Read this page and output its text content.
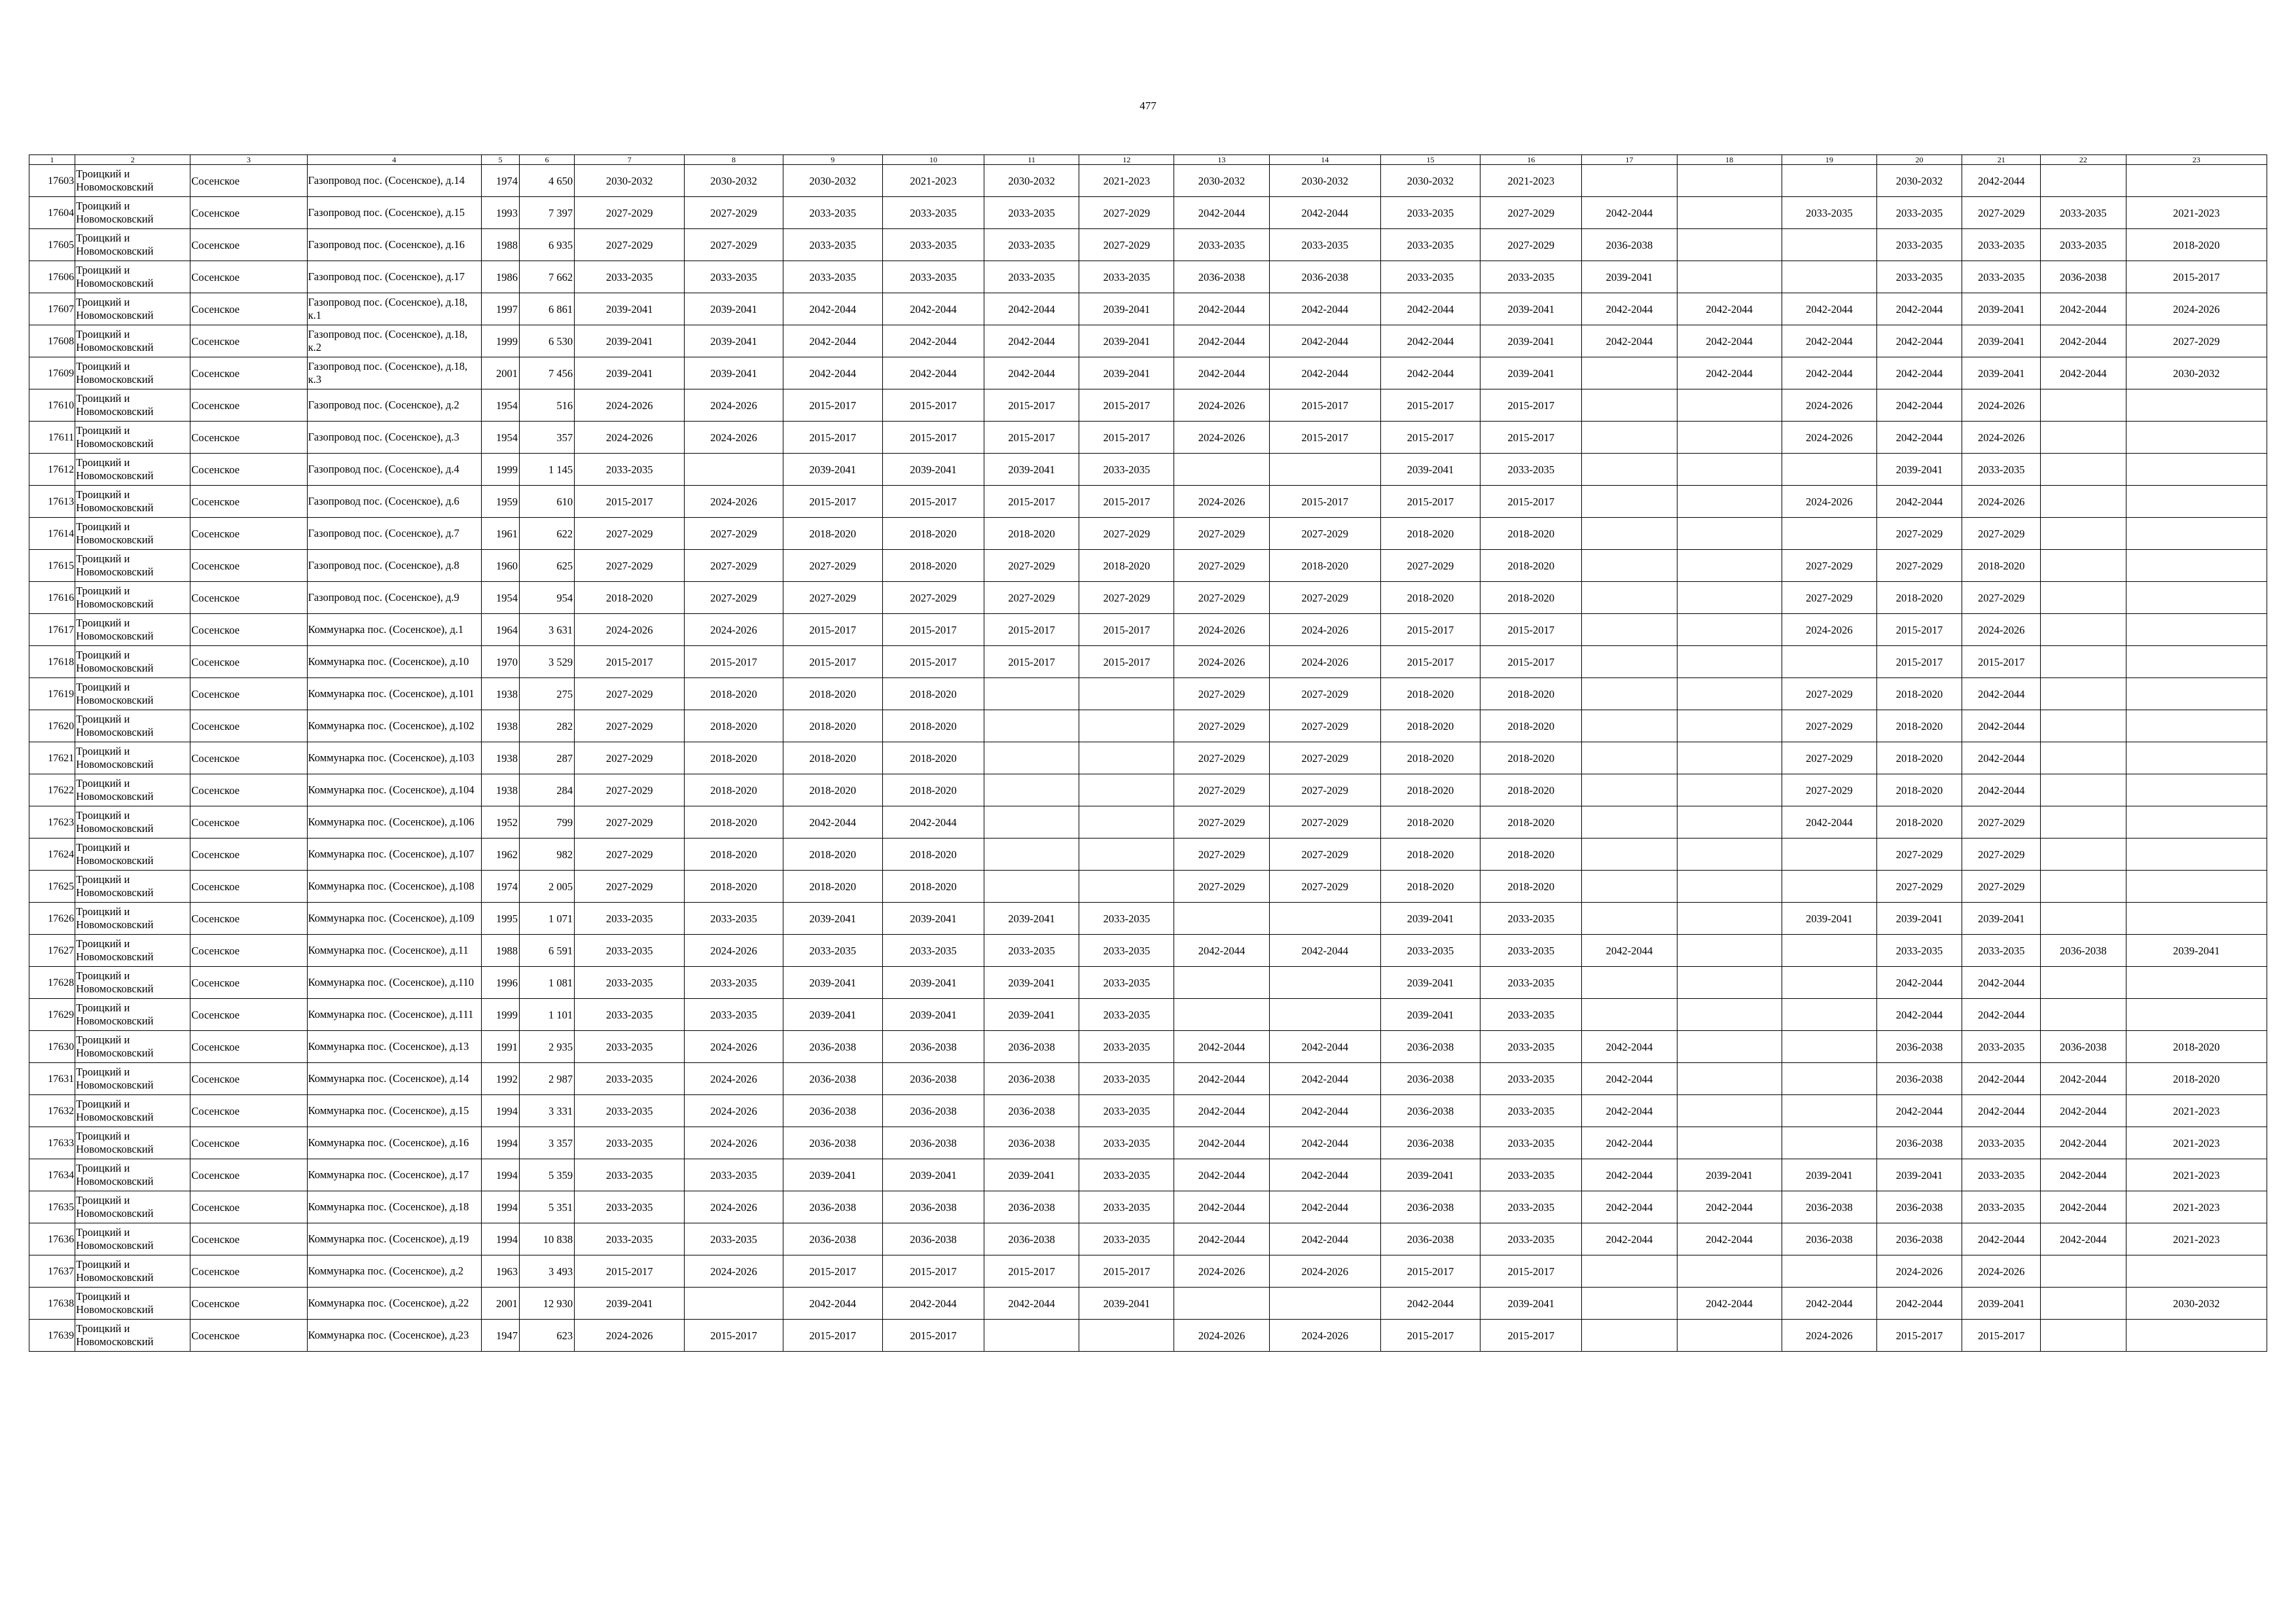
477
1	2	3	4	5	6	7	8	9	10	11	12	13	14	15	16	17	18	19	20	21	22	23
17603	Троицкий и Новомосковский	Сосенское	Газопровод пос. (Сосенское), д.14	1974	4 650	2030-2032	2030-2032	2030-2032	2021-2023	2030-2032	2021-2023	2030-2032	2030-2032	2030-2032	2021-2023				2030-2032	2042-2044		
17604	Троицкий и Новомосковский	Сосенское	Газопровод пос. (Сосенское), д.15	1993	7 397	2027-2029	2027-2029	2033-2035	2033-2035	2033-2035	2027-2029	2042-2044	2042-2044	2033-2035	2027-2029	2042-2044		2033-2035	2033-2035	2027-2029	2033-2035	2021-2023
17605	Троицкий и Новомосковский	Сосенское	Газопровод пос. (Сосенское), д.16	1988	6 935	2027-2029	2027-2029	2033-2035	2033-2035	2033-2035	2027-2029	2033-2035	2033-2035	2033-2035	2027-2029	2036-2038			2033-2035	2033-2035	2033-2035	2018-2020
17606	Троицкий и Новомосковский	Сосенское	Газопровод пос. (Сосенское), д.17	1986	7 662	2033-2035	2033-2035	2033-2035	2033-2035	2033-2035	2033-2035	2036-2038	2036-2038	2033-2035	2033-2035	2039-2041			2033-2035	2033-2035	2036-2038	2015-2017
17607	Троицкий и Новомосковский	Сосенское	Газопровод пос. (Сосенское), д.18, к.1	1997	6 861	2039-2041	2039-2041	2042-2044	2042-2044	2042-2044	2039-2041	2042-2044	2042-2044	2042-2044	2039-2041	2042-2044	2042-2044	2042-2044	2042-2044	2039-2041	2042-2044	2024-2026
17608	Троицкий и Новомосковский	Сосенское	Газопровод пос. (Сосенское), д.18, к.2	1999	6 530	2039-2041	2039-2041	2042-2044	2042-2044	2042-2044	2039-2041	2042-2044	2042-2044	2042-2044	2039-2041	2042-2044	2042-2044	2042-2044	2042-2044	2039-2041	2042-2044	2027-2029
17609	Троицкий и Новомосковский	Сосенское	Газопровод пос. (Сосенское), д.18, к.3	2001	7 456	2039-2041	2039-2041	2042-2044	2042-2044	2042-2044	2039-2041	2042-2044	2042-2044	2042-2044	2039-2041		2042-2044	2042-2044	2042-2044	2039-2041	2042-2044	2030-2032
17610	Троицкий и Новомосковский	Сосенское	Газопровод пос. (Сосенское), д.2	1954	516	2024-2026	2024-2026	2015-2017	2015-2017	2015-2017	2015-2017	2024-2026	2015-2017	2015-2017	2015-2017			2024-2026	2042-2044	2024-2026		
17611	Троицкий и Новомосковский	Сосенское	Газопровод пос. (Сосенское), д.3	1954	357	2024-2026	2024-2026	2015-2017	2015-2017	2015-2017	2015-2017	2024-2026	2015-2017	2015-2017	2015-2017			2024-2026	2042-2044	2024-2026		
17612	Троицкий и Новомосковский	Сосенское	Газопровод пос. (Сосенское), д.4	1999	1 145	2033-2035		2039-2041	2039-2041	2039-2041	2033-2035			2039-2041	2033-2035				2039-2041	2033-2035		
17613	Троицкий и Новомосковский	Сосенское	Газопровод пос. (Сосенское), д.6	1959	610	2015-2017	2024-2026	2015-2017	2015-2017	2015-2017	2015-2017	2024-2026	2015-2017	2015-2017	2015-2017			2024-2026	2042-2044	2024-2026		
17614	Троицкий и Новомосковский	Сосенское	Газопровод пос. (Сосенское), д.7	1961	622	2027-2029	2027-2029	2018-2020	2018-2020	2018-2020	2027-2029	2027-2029	2027-2029	2018-2020	2018-2020				2027-2029	2027-2029		
17615	Троицкий и Новомосковский	Сосенское	Газопровод пос. (Сосенское), д.8	1960	625	2027-2029	2027-2029	2027-2029	2018-2020	2027-2029	2018-2020	2027-2029	2018-2020	2027-2029	2018-2020			2027-2029	2027-2029	2018-2020		
17616	Троицкий и Новомосковский	Сосенское	Газопровод пос. (Сосенское), д.9	1954	954	2018-2020	2027-2029	2027-2029	2027-2029	2027-2029	2027-2029	2027-2029	2027-2029	2018-2020	2018-2020			2027-2029	2018-2020	2027-2029		
17617	Троицкий и Новомосковский	Сосенское	Коммунарка пос. (Сосенское), д.1	1964	3 631	2024-2026	2024-2026	2015-2017	2015-2017	2015-2017	2015-2017	2024-2026	2024-2026	2015-2017	2015-2017			2024-2026	2015-2017	2024-2026		
17618	Троицкий и Новомосковский	Сосенское	Коммунарка пос. (Сосенское), д.10	1970	3 529	2015-2017	2015-2017	2015-2017	2015-2017	2015-2017	2015-2017	2024-2026	2024-2026	2015-2017	2015-2017				2015-2017	2015-2017		
17619	Троицкий и Новомосковский	Сосенское	Коммунарка пос. (Сосенское), д.101	1938	275	2027-2029	2018-2020	2018-2020	2018-2020			2027-2029	2027-2029	2018-2020	2018-2020			2027-2029	2018-2020	2042-2044		
17620	Троицкий и Новомосковский	Сосенское	Коммунарка пос. (Сосенское), д.102	1938	282	2027-2029	2018-2020	2018-2020	2018-2020			2027-2029	2027-2029	2018-2020	2018-2020			2027-2029	2018-2020	2042-2044		
17621	Троицкий и Новомосковский	Сосенское	Коммунарка пос. (Сосенское), д.103	1938	287	2027-2029	2018-2020	2018-2020	2018-2020			2027-2029	2027-2029	2018-2020	2018-2020			2027-2029	2018-2020	2042-2044		
17622	Троицкий и Новомосковский	Сосенское	Коммунарка пос. (Сосенское), д.104	1938	284	2027-2029	2018-2020	2018-2020	2018-2020			2027-2029	2027-2029	2018-2020	2018-2020			2027-2029	2018-2020	2042-2044		
17623	Троицкий и Новомосковский	Сосенское	Коммунарка пос. (Сосенское), д.106	1952	799	2027-2029	2018-2020	2042-2044	2042-2044			2027-2029	2027-2029	2018-2020	2018-2020			2042-2044	2018-2020	2027-2029		
17624	Троицкий и Новомосковский	Сосенское	Коммунарка пос. (Сосенское), д.107	1962	982	2027-2029	2018-2020	2018-2020	2018-2020			2027-2029	2027-2029	2018-2020	2018-2020				2027-2029	2027-2029		
17625	Троицкий и Новомосковский	Сосенское	Коммунарка пос. (Сосенское), д.108	1974	2 005	2027-2029	2018-2020	2018-2020	2018-2020			2027-2029	2027-2029	2018-2020	2018-2020				2027-2029	2027-2029		
17626	Троицкий и Новомосковский	Сосенское	Коммунарка пос. (Сосенское), д.109	1995	1 071	2033-2035	2033-2035	2039-2041	2039-2041	2039-2041	2033-2035			2039-2041	2033-2035			2039-2041	2039-2041	2039-2041		
17627	Троицкий и Новомосковский	Сосенское	Коммунарка пос. (Сосенское), д.11	1988	6 591	2033-2035	2024-2026	2033-2035	2033-2035	2033-2035	2033-2035	2042-2044	2042-2044	2033-2035	2033-2035	2042-2044			2033-2035	2033-2035	2036-2038	2039-2041
17628	Троицкий и Новомосковский	Сосенское	Коммунарка пос. (Сосенское), д.110	1996	1 081	2033-2035	2033-2035	2039-2041	2039-2041	2039-2041	2033-2035			2039-2041	2033-2035				2042-2044	2042-2044		
17629	Троицкий и Новомосковский	Сосенское	Коммунарка пос. (Сосенское), д.111	1999	1 101	2033-2035	2033-2035	2039-2041	2039-2041	2039-2041	2033-2035			2039-2041	2033-2035				2042-2044	2042-2044		
17630	Троицкий и Новомосковский	Сосенское	Коммунарка пос. (Сосенское), д.13	1991	2 935	2033-2035	2024-2026	2036-2038	2036-2038	2036-2038	2033-2035	2042-2044	2042-2044	2036-2038	2033-2035	2042-2044			2036-2038	2033-2035	2036-2038	2018-2020
17631	Троицкий и Новомосковский	Сосенское	Коммунарка пос. (Сосенское), д.14	1992	2 987	2033-2035	2024-2026	2036-2038	2036-2038	2036-2038	2033-2035	2042-2044	2042-2044	2036-2038	2033-2035	2042-2044			2036-2038	2042-2044	2042-2044	2018-2020
17632	Троицкий и Новомосковский	Сосенское	Коммунарка пос. (Сосенское), д.15	1994	3 331	2033-2035	2024-2026	2036-2038	2036-2038	2036-2038	2033-2035	2042-2044	2042-2044	2036-2038	2033-2035	2042-2044			2042-2044	2042-2044	2042-2044	2021-2023
17633	Троицкий и Новомосковский	Сосенское	Коммунарка пос. (Сосенское), д.16	1994	3 357	2033-2035	2024-2026	2036-2038	2036-2038	2036-2038	2033-2035	2042-2044	2042-2044	2036-2038	2033-2035	2042-2044			2036-2038	2033-2035	2042-2044	2021-2023
17634	Троицкий и Новомосковский	Сосенское	Коммунарка пос. (Сосенское), д.17	1994	5 359	2033-2035	2033-2035	2039-2041	2039-2041	2039-2041	2033-2035	2042-2044	2042-2044	2039-2041	2033-2035	2042-2044	2039-2041	2039-2041	2039-2041	2033-2035	2042-2044	2021-2023
17635	Троицкий и Новомосковский	Сосенское	Коммунарка пос. (Сосенское), д.18	1994	5 351	2033-2035	2024-2026	2036-2038	2036-2038	2036-2038	2033-2035	2042-2044	2042-2044	2036-2038	2033-2035	2042-2044	2042-2044	2036-2038	2036-2038	2033-2035	2042-2044	2021-2023
17636	Троицкий и Новомосковский	Сосенское	Коммунарка пос. (Сосенское), д.19	1994	10 838	2033-2035	2033-2035	2036-2038	2036-2038	2036-2038	2033-2035	2042-2044	2042-2044	2036-2038	2033-2035	2042-2044	2042-2044	2036-2038	2036-2038	2042-2044	2042-2044	2021-2023
17637	Троицкий и Новомосковский	Сосенское	Коммунарка пос. (Сосенское), д.2	1963	3 493	2015-2017	2024-2026	2015-2017	2015-2017	2015-2017	2015-2017	2024-2026	2024-2026	2015-2017	2015-2017				2024-2026	2024-2026		
17638	Троицкий и Новомосковский	Сосенское	Коммунарка пос. (Сосенское), д.22	2001	12 930	2039-2041		2042-2044	2042-2044	2042-2044	2039-2041			2042-2044	2039-2041		2042-2044	2042-2044	2042-2044	2039-2041		2030-2032
17639	Троицкий и Новомосковский	Сосенское	Коммунарка пос. (Сосенское), д.23	1947	623	2024-2026	2015-2017	2015-2017	2015-2017			2024-2026	2024-2026	2015-2017	2015-2017			2024-2026	2015-2017	2015-2017		
